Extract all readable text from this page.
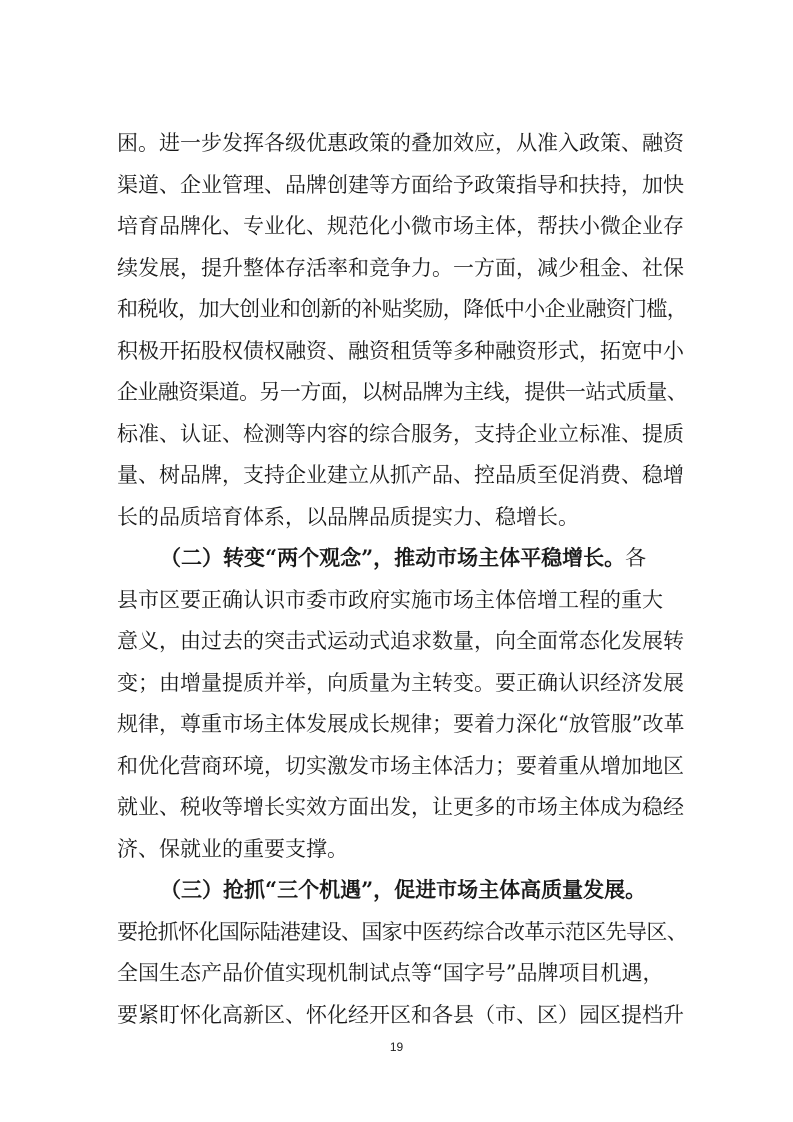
困。进一步发挥各级优惠政策的叠加效应，从准入政策、融资
渠道、企业管理、品牌创建等方面给予政策指导和扶持，加快
培育品牌化、专业化、规范化小微市场主体，帮扶小微企业存
续发展，提升整体存活率和竞争力。一方面，减少租金、社保
和税收，加大创业和创新的补贴奖励，降低中小企业融资门槛，
积极开拓股权债权融资、融资租赁等多种融资形式，拓宽中小
企业融资渠道。另一方面，以树品牌为主线，提供一站式质量、
标准、认证、检测等内容的综合服务，支持企业立标准、提质
量、树品牌，支持企业建立从抓产品、控品质至促消费、稳增
长的品质培育体系，以品牌品质提实力、稳增长。
（二）转变“两个观念”，推动市场主体平稳增长。各
县市区要正确认识市委市政府实施市场主体倍增工程的重大
意义，由过去的突击式运动式追求数量，向全面常态化发展转
变；由增量提质并举，向质量为主转变。要正确认识经济发展
规律，尊重市场主体发展成长规律；要着力深化“放管服”改革
和优化营商环境，切实激发市场主体活力；要着重从增加地区
就业、税收等增长实效方面出发，让更多的市场主体成为稳经
济、保就业的重要支撑。
（三）抢抓“三个机遇”，促进市场主体高质量发展。
要抢抓怀化国际陆港建设、国家中医药综合改革示范区先导区、
全国生态产品价值实现机制试点等“国字号”品牌项目机遇，
19
要紧盯怀化高新区、怀化经开区和各县（市、区）园区提档升
